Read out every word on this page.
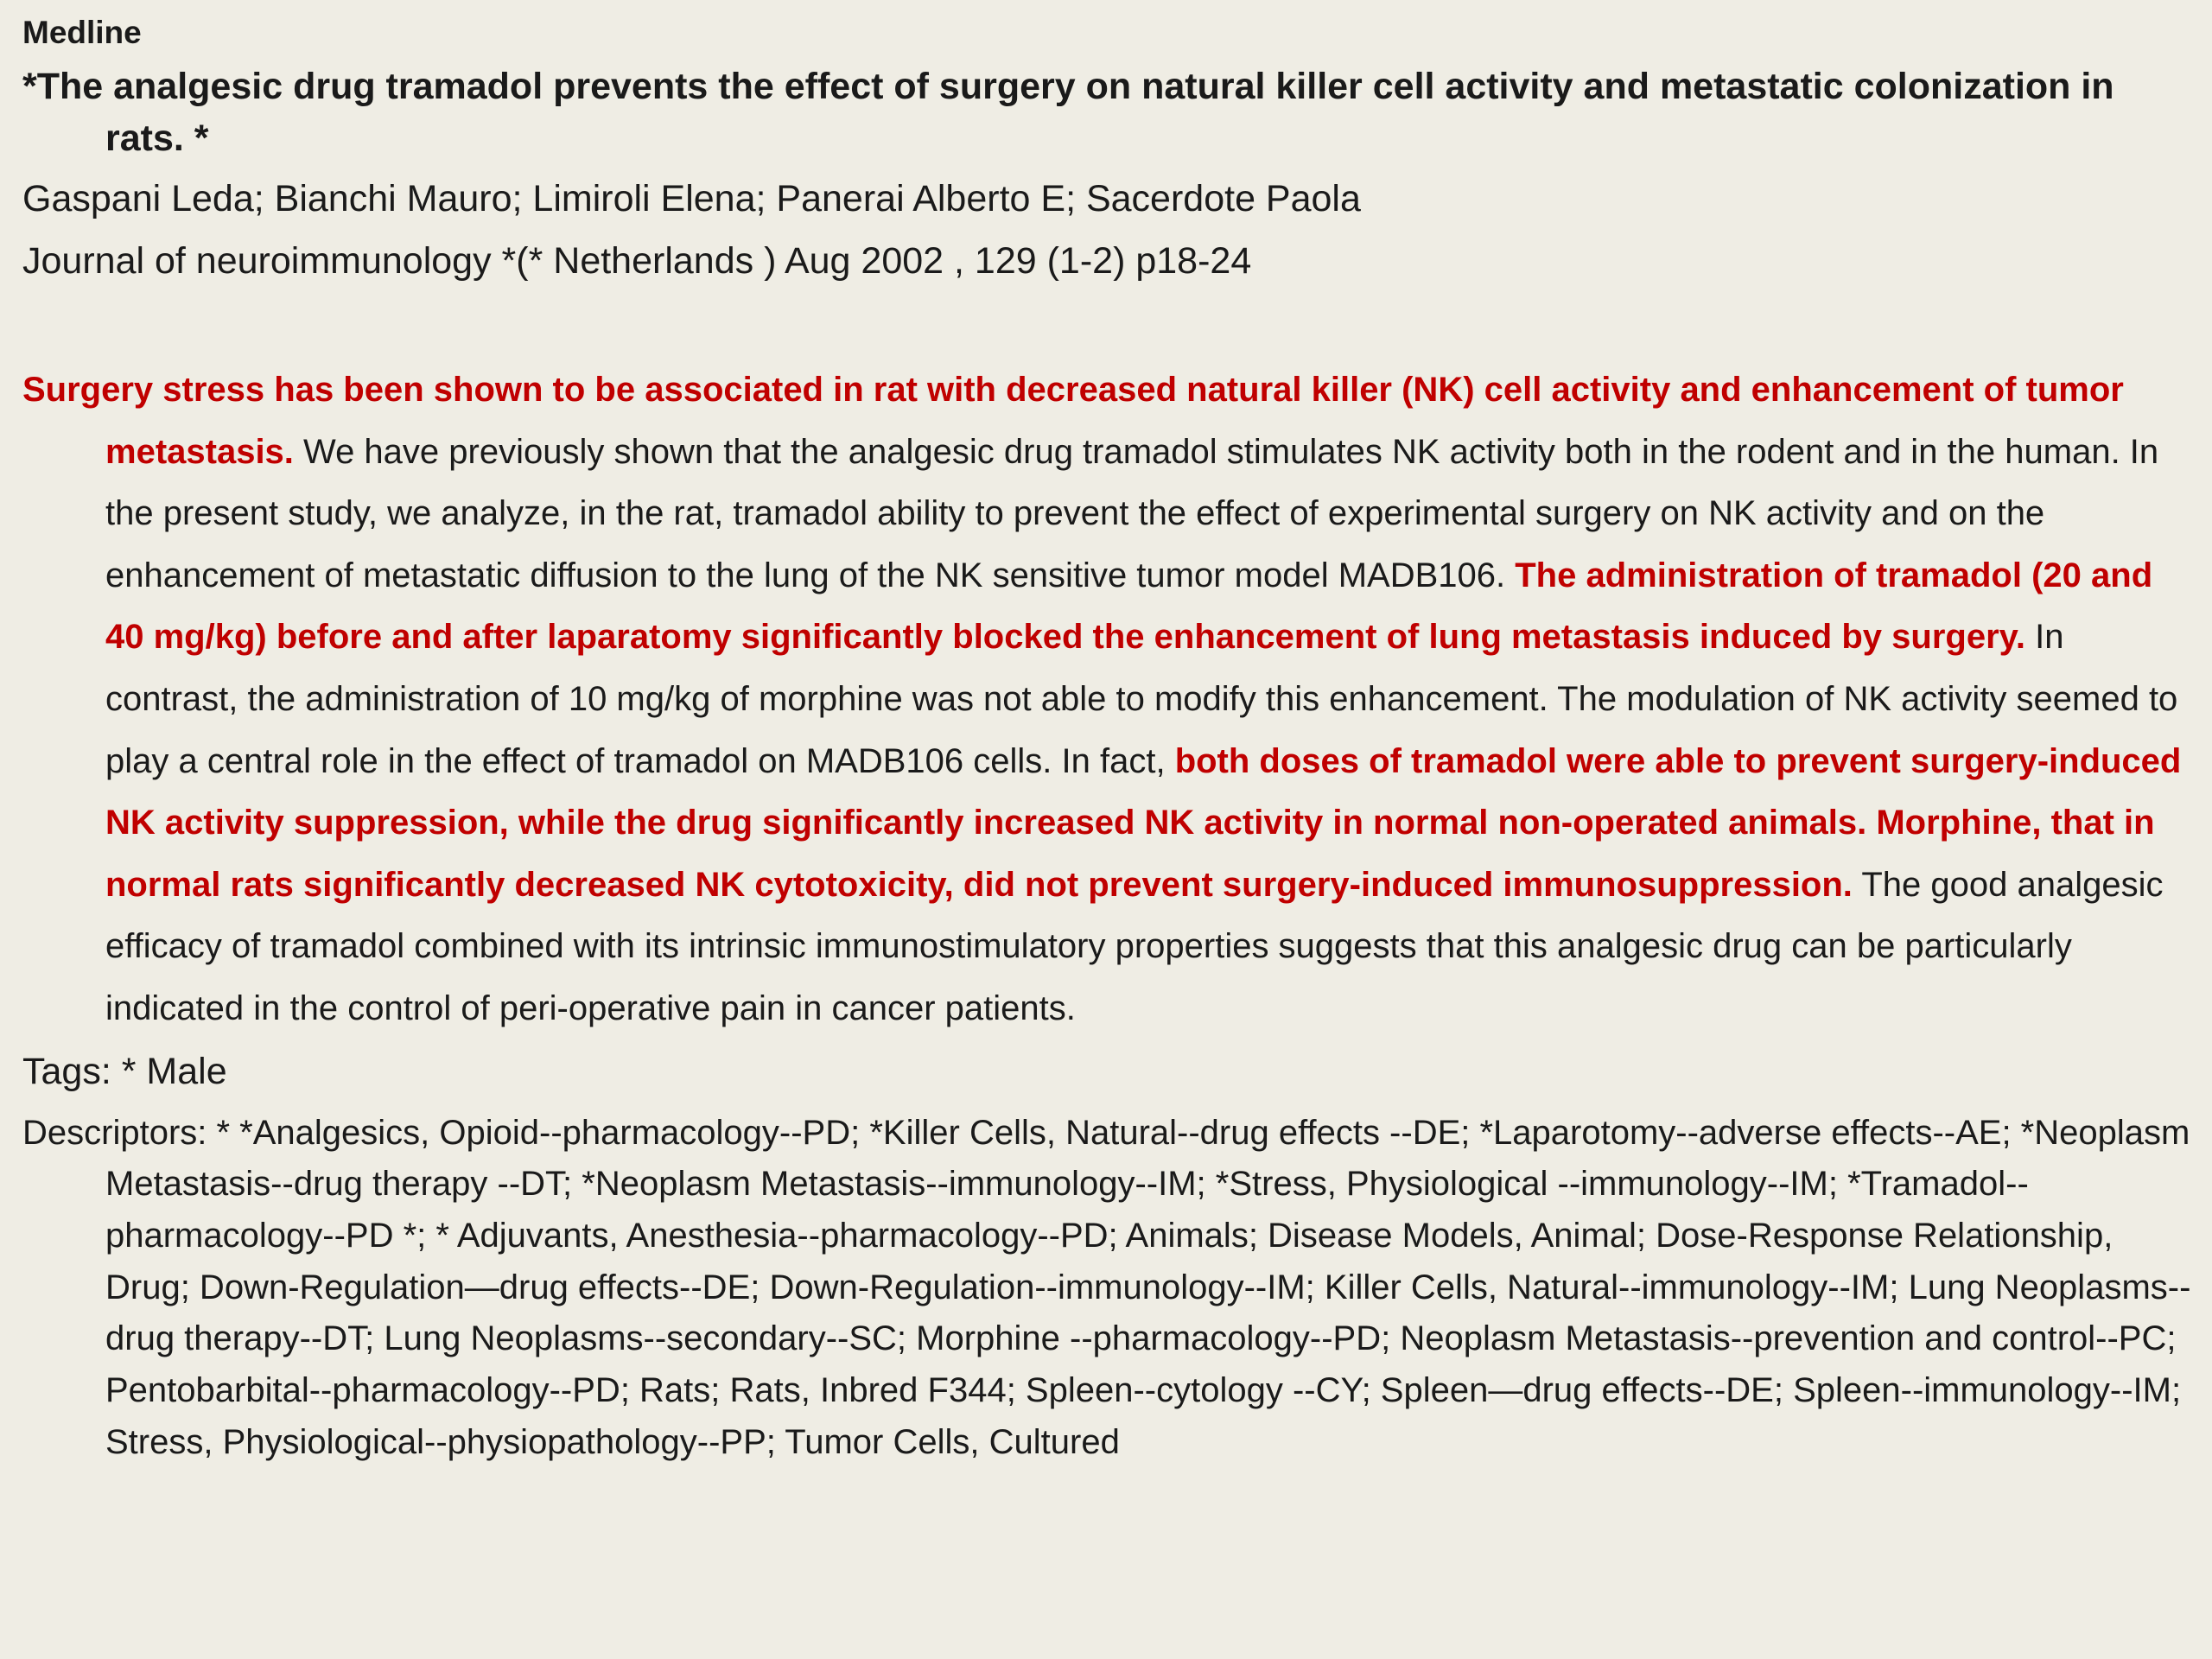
Medline

*The analgesic drug tramadol prevents the effect of surgery on natural killer cell activity and metastatic colonization in rats. *

Gaspani Leda; Bianchi Mauro; Limiroli Elena; Panerai Alberto E; Sacerdote Paola

Journal of neuroimmunology *(* Netherlands ) Aug 2002 , 129 (1-2) p18-24

Surgery stress has been shown to be associated in rat with decreased natural killer (NK) cell activity and enhancement of tumor metastasis. We have previously shown that the analgesic drug tramadol stimulates NK activity both in the rodent and in the human. In the present study, we analyze, in the rat, tramadol ability to prevent the effect of experimental surgery on NK activity and on the enhancement of metastatic diffusion to the lung of the NK sensitive tumor model MADB106. The administration of tramadol (20 and 40 mg/kg) before and after laparatomy significantly blocked the enhancement of lung metastasis induced by surgery. In contrast, the administration of 10 mg/kg of morphine was not able to modify this enhancement. The modulation of NK activity seemed to play a central role in the effect of tramadol on MADB106 cells. In fact, both doses of tramadol were able to prevent surgery-induced NK activity suppression, while the drug significantly increased NK activity in normal non-operated animals. Morphine, that in normal rats significantly decreased NK cytotoxicity, did not prevent surgery-induced immunosuppression. The good analgesic efficacy of tramadol combined with its intrinsic immunostimulatory properties suggests that this analgesic drug can be particularly indicated in the control of peri-operative pain in cancer patients.

Tags: * Male

Descriptors: * *Analgesics, Opioid--pharmacology--PD; *Killer Cells, Natural--drug effects --DE; *Laparotomy--adverse effects--AE; *Neoplasm Metastasis--drug therapy --DT; *Neoplasm Metastasis--immunology--IM; *Stress, Physiological --immunology--IM; *Tramadol--pharmacology--PD *; * Adjuvants, Anesthesia--pharmacology--PD; Animals; Disease Models, Animal; Dose-Response Relationship, Drug; Down-Regulation—drug effects--DE; Down-Regulation--immunology--IM; Killer Cells, Natural--immunology--IM; Lung Neoplasms--drug therapy--DT; Lung Neoplasms--secondary--SC; Morphine --pharmacology--PD; Neoplasm Metastasis--prevention and control--PC; Pentobarbital--pharmacology--PD; Rats; Rats, Inbred F344; Spleen--cytology --CY; Spleen—drug effects--DE; Spleen--immunology--IM; Stress, Physiological--physiopathology--PP; Tumor Cells, Cultured
